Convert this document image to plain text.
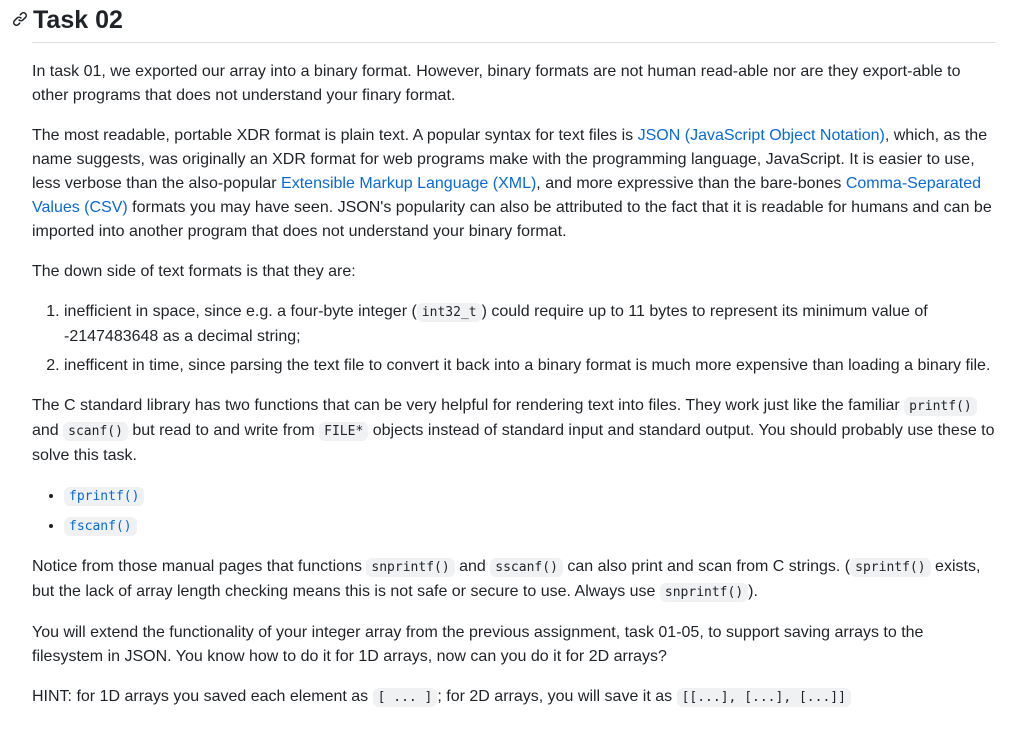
Task 02

In task 01, we exported our array into a binary format. However, binary formats are not human read-able nor are they export-able to other programs that does not understand your finary format.

The most readable, portable XDR format is plain text. A popular syntax for text files is JSON (JavaScript Object Notation), which, as the name suggests, was originally an XDR format for web programs make with the programming language, JavaScript. It is easier to use, less verbose than the also-popular Extensible Markup Language (XML), and more expressive than the bare-bones Comma-Separated Values (CSV) formats you may have seen. JSON's popularity can also be attributed to the fact that it is readable for humans and can be imported into another program that does not understand your binary format.

The down side of text formats is that they are:

1. inefficient in space, since e.g. a four-byte integer ( int32_t ) could require up to 11 bytes to represent its minimum value of -2147483648 as a decimal string;
2. inefficent in time, since parsing the text file to convert it back into a binary format is much more expensive than loading a binary file.

The C standard library has two functions that can be very helpful for rendering text into files. They work just like the familiar printf() and scanf() but read to and write from FILE* objects instead of standard input and standard output. You should probably use these to solve this task.

• fprintf()
• fscanf()

Notice from those manual pages that functions snprintf() and sscanf() can also print and scan from C strings. ( sprintf() exists, but the lack of array length checking means this is not safe or secure to use. Always use snprintf() ).

You will extend the functionality of your integer array from the previous assignment, task 01-05, to support saving arrays to the filesystem in JSON. You know how to do it for 1D arrays, now can you do it for 2D arrays?

HINT: for 1D arrays you saved each element as [ ... ] ; for 2D arrays, you will save it as [[...], [...], [...]]
